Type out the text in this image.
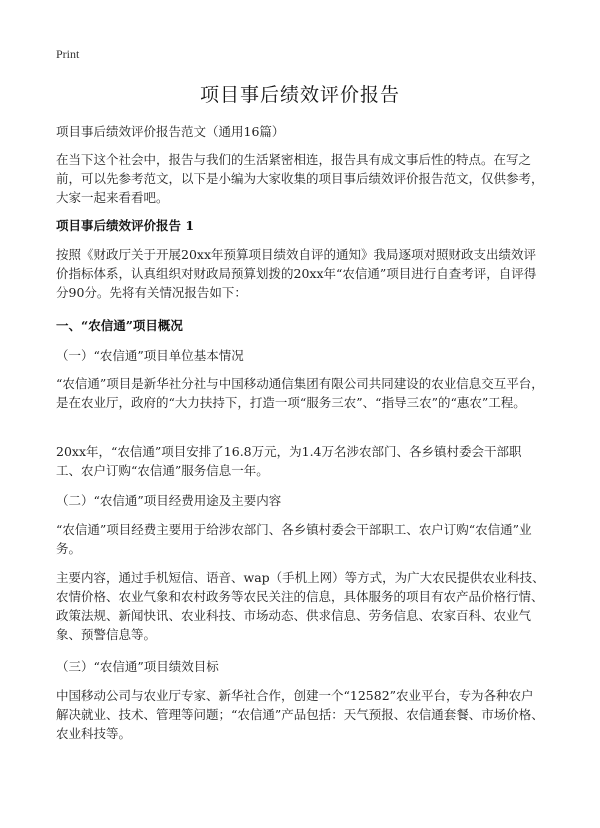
Print
项目事后绩效评价报告
项目事后绩效评价报告范文（通用16篇）

在当下这个社会中，报告与我们的生活紧密相连，报告具有成文事后性的特点。在写之前，可以先参考范文，以下是小编为大家收集的项目事后绩效评价报告范文，仅供参考，大家一起来看看吧。

项目事后绩效评价报告 1

按照《财政厅关于开展20xx年预算项目绩效自评的通知》我局逐项对照财政支出绩效评价指标体系，认真组织对财政局预算划拨的20xx年“农信通”项目进行自查考评，自评得分90分。先将有关情况报告如下：

一、“农信通”项目概况
（一）“农信通”项目单位基本情况

“农信通”项目是新华社分社与中国移动通信集团有限公司共同建设的农业信息交互平台，是在农业厅，政府的“大力扶持下，打造一项“服务三农”、“指导三农”的“惠农”工程。

20xx年，“农信通”项目安排了16.8万元，为1.4万名涉农部门、各乡镇村委会干部职工、农户订购“农信通”服务信息一年。

（二）“农信通”项目经费用途及主要内容

“农信通”项目经费主要用于给涉农部门、各乡镇村委会干部职工、农户订购“农信通”业务。

主要内容，通过手机短信、语音、wap（手机上网）等方式，为广大农民提供农业科技、农情价格、农业气象和农村政务等农民关注的信息，具体服务的项目有农产品价格行情、政策法规、新闻快讯、农业科技、市场动态、供求信息、劳务信息、农家百科、农业气象、预警信息等。

（三）“农信通”项目绩效目标

中国移动公司与农业厅专家、新华社合作，创建一个“12582”农业平台，专为各种农户解决就业、技术、管理等问题；“农信通”产品包括：天气预报、农信通套餐、市场价格、农业科技等。
